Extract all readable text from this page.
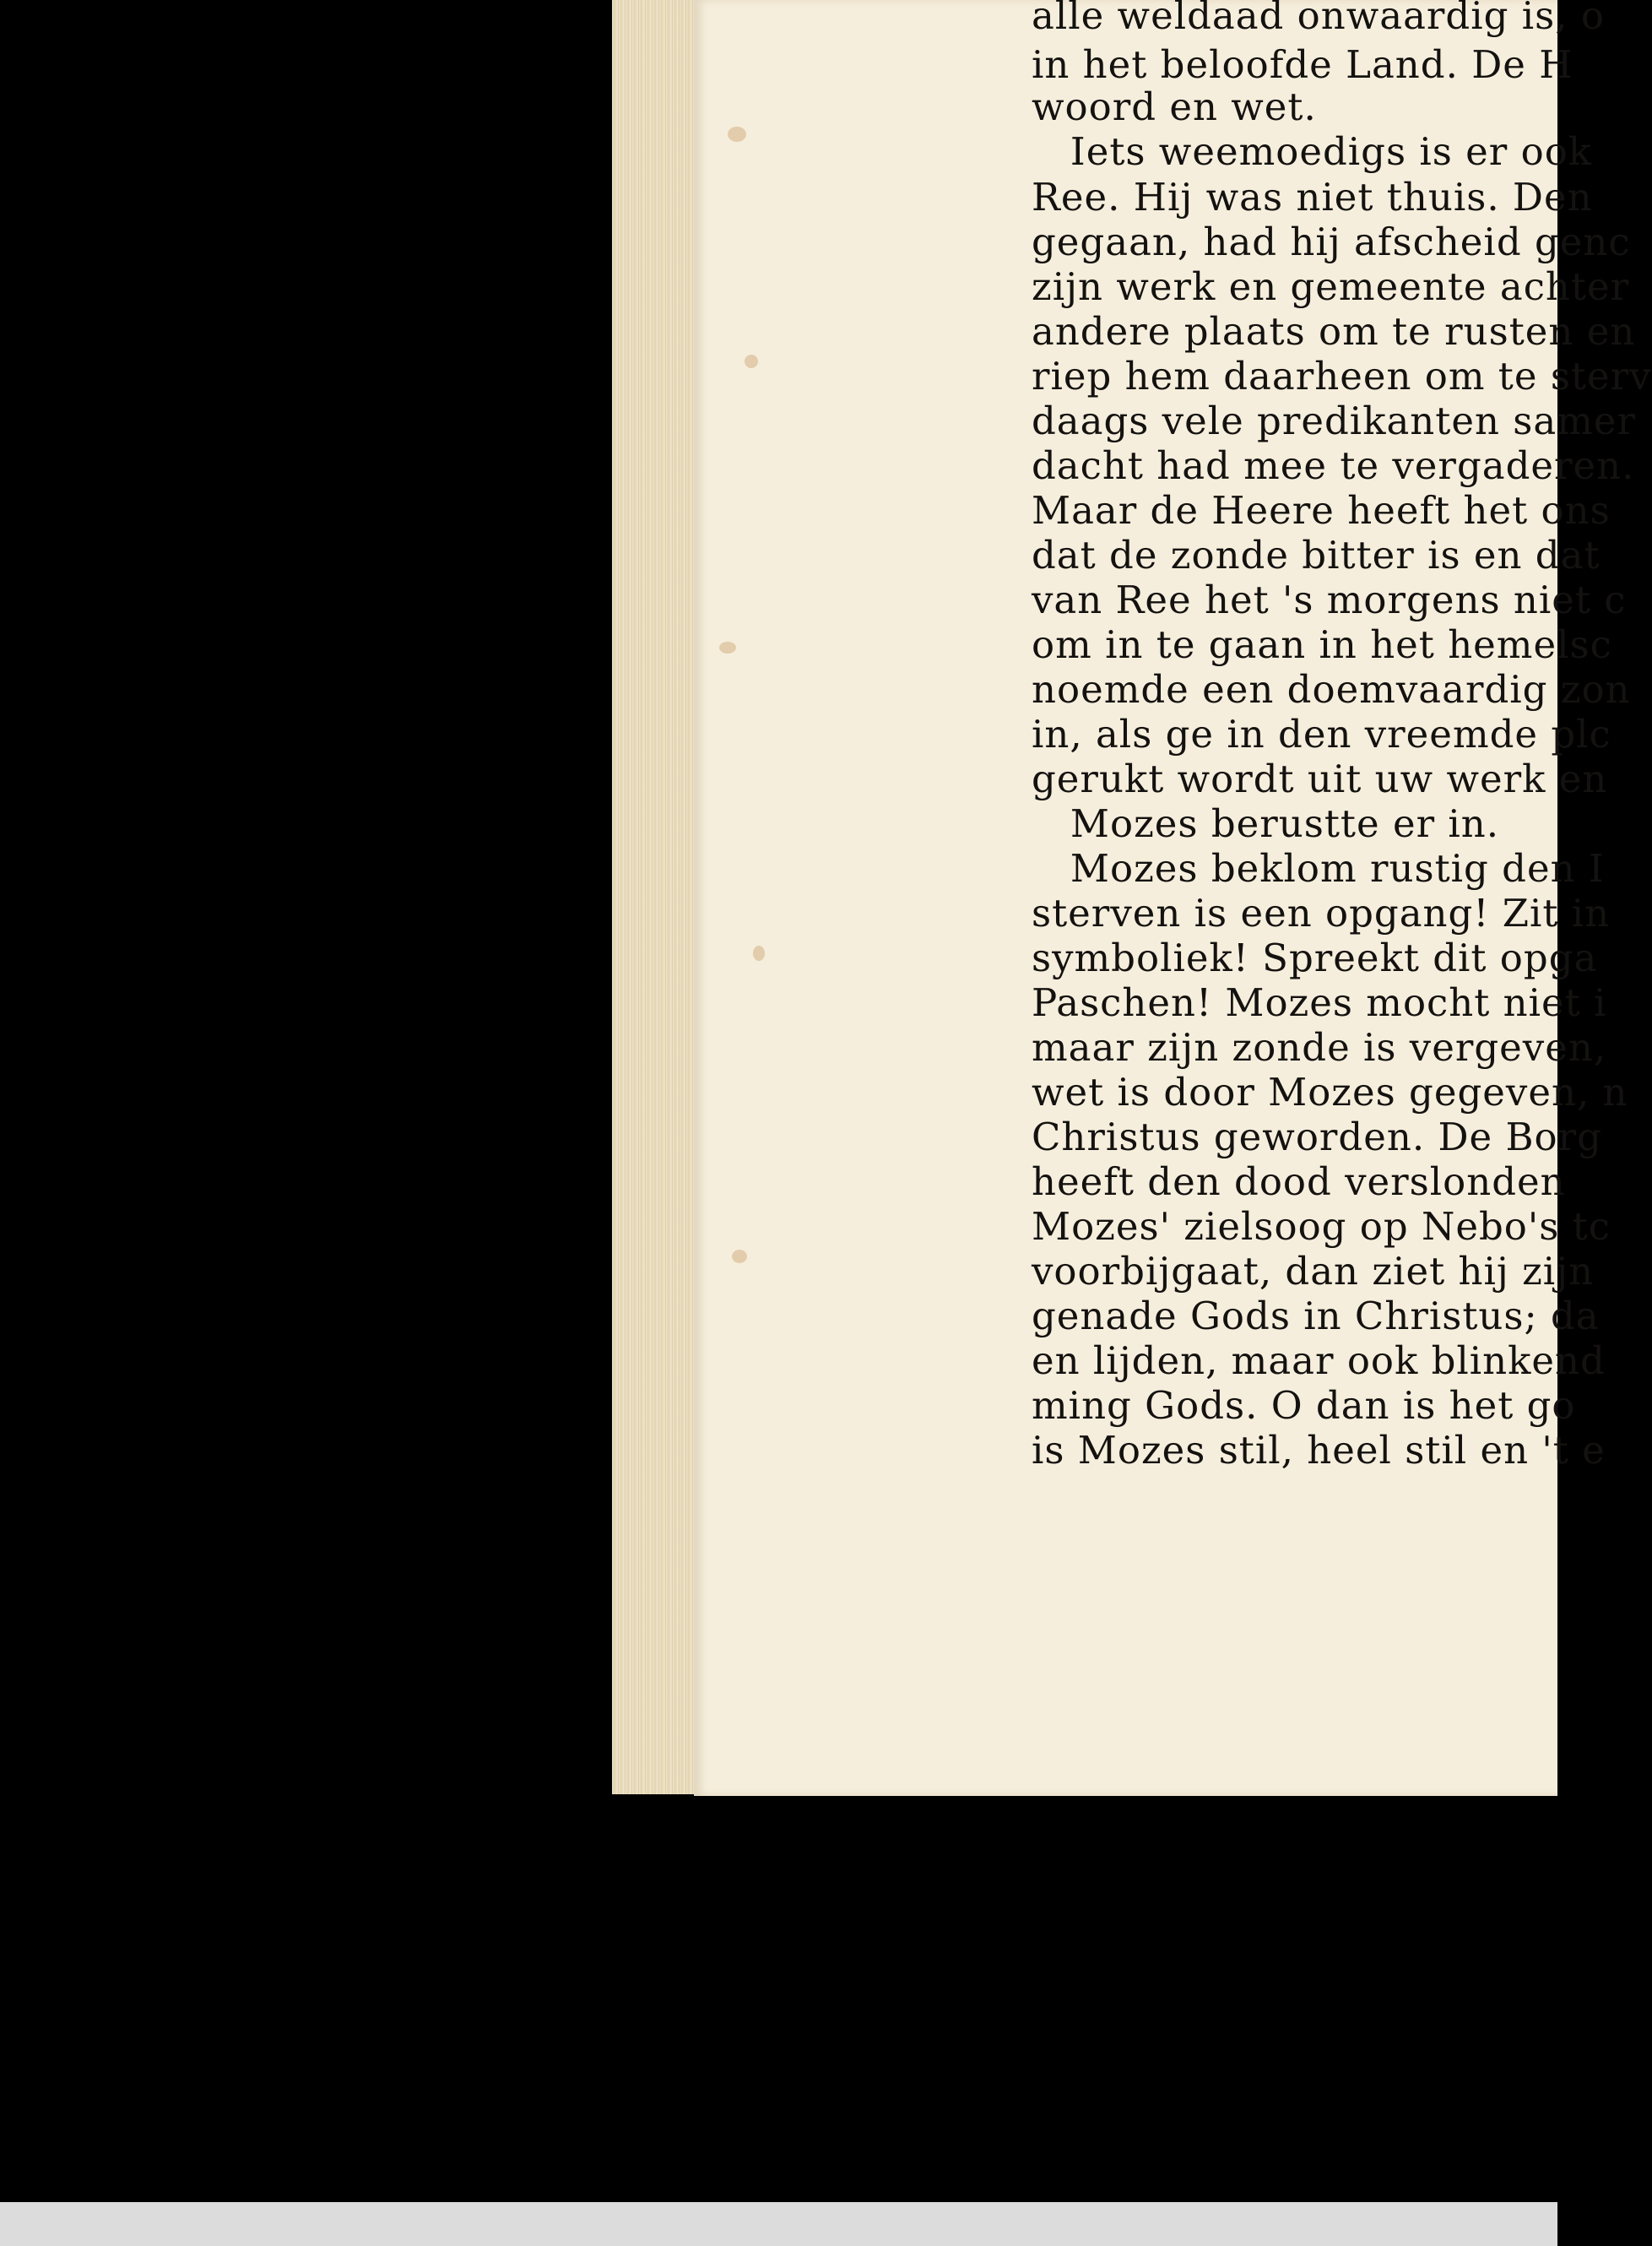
alle weldaad onwaardig is, o

in het beloofde Land. De H

woord en wet.

Iets weemoedigs is er ook

Ree. Hij was niet thuis. Den

gegaan, had hij afscheid genc

zijn werk en gemeente achter

andere plaats om te rusten en

riep hem daarheen om te sterv

daags vele predikanten samer

dacht had mee te vergaderen.

Maar de Heere heeft het ons

dat de zonde bitter is en dat

van Ree het 's morgens niet c

om in te gaan in het hemelsc

noemde een doemvaardig zon

in, als ge in den vreemde plc

gerukt wordt uit uw werk en

Mozes berustte er in.

Mozes beklom rustig den I

sterven is een opgang! Zit in

symboliek! Spreekt dit opga

Paschen! Mozes mocht niet i

maar zijn zonde is vergeven,

wet is door Mozes gegeven, n

Christus geworden. De Borg

heeft den dood verslonden

Mozes' zielsoog op Nebo's tc

voorbijgaat, dan ziet hij zijn

genade Gods in Christus; da

en lijden, maar ook blinkend

ming Gods. O dan is het go

is Mozes stil, heel stil en 't e
